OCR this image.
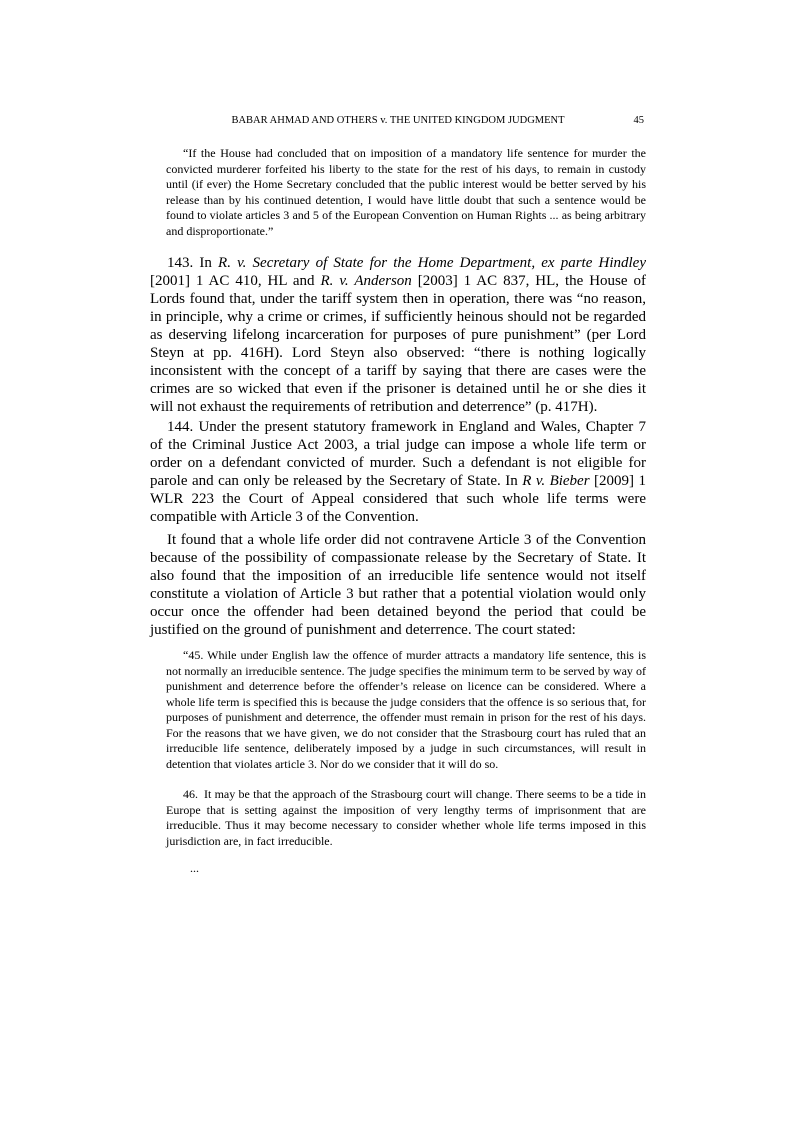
BABAR AHMAD AND OTHERS v. THE UNITED KINGDOM JUDGMENT	45

“If the House had concluded that on imposition of a mandatory life sentence for murder the convicted murderer forfeited his liberty to the state for the rest of his days, to remain in custody until (if ever) the Home Secretary concluded that the public interest would be better served by his release than by his continued detention, I would have little doubt that such a sentence would be found to violate articles 3 and 5 of the European Convention on Human Rights ... as being arbitrary and disproportionate.”

143. In R. v. Secretary of State for the Home Department, ex parte Hindley [2001] 1 AC 410, HL and R. v. Anderson [2003] 1 AC 837, HL, the House of Lords found that, under the tariff system then in operation, there was “no reason, in principle, why a crime or crimes, if sufficiently heinous should not be regarded as deserving lifelong incarceration for purposes of pure punishment” (per Lord Steyn at pp. 416H). Lord Steyn also observed: “there is nothing logically inconsistent with the concept of a tariff by saying that there are cases were the crimes are so wicked that even if the prisoner is detained until he or she dies it will not exhaust the requirements of retribution and deterrence” (p. 417H).

144. Under the present statutory framework in England and Wales, Chapter 7 of the Criminal Justice Act 2003, a trial judge can impose a whole life term or order on a defendant convicted of murder. Such a defendant is not eligible for parole and can only be released by the Secretary of State. In R v. Bieber [2009] 1 WLR 223 the Court of Appeal considered that such whole life terms were compatible with Article 3 of the Convention.

It found that a whole life order did not contravene Article 3 of the Convention because of the possibility of compassionate release by the Secretary of State. It also found that the imposition of an irreducible life sentence would not itself constitute a violation of Article 3 but rather that a potential violation would only occur once the offender had been detained beyond the period that could be justified on the ground of punishment and deterrence. The court stated:

“45. While under English law the offence of murder attracts a mandatory life sentence, this is not normally an irreducible sentence. The judge specifies the minimum term to be served by way of punishment and deterrence before the offender’s release on licence can be considered. Where a whole life term is specified this is because the judge considers that the offence is so serious that, for purposes of punishment and deterrence, the offender must remain in prison for the rest of his days. For the reasons that we have given, we do not consider that the Strasbourg court has ruled that an irreducible life sentence, deliberately imposed by a judge in such circumstances, will result in detention that violates article 3. Nor do we consider that it will do so.

46. It may be that the approach of the Strasbourg court will change. There seems to be a tide in Europe that is setting against the imposition of very lengthy terms of imprisonment that are irreducible. Thus it may become necessary to consider whether whole life terms imposed in this jurisdiction are, in fact irreducible.

...
